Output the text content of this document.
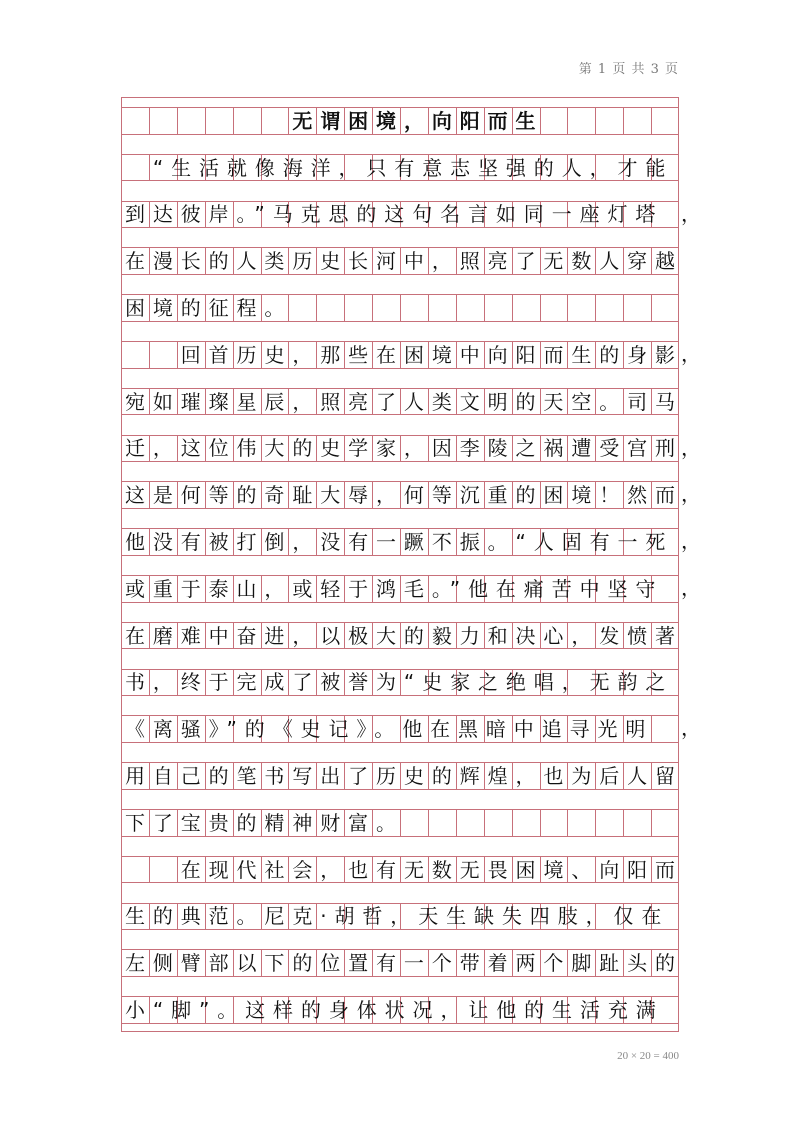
第 1 页 共 3 页
无谓困境，向阳而生
“生活就像海洋，只有意志坚强的人，才能
到达彼岸。”马克思的这句名言如同一座灯塔 ，
在漫长的人类历史长河中，照亮了无数人穿越
困境的征程。
回首历史，那些在困境中向阳而生的身影
，
宛如璀璨星辰，照亮了人类文明的天空。司马
迁，这位伟大的史学家，因李陵之祸遭受宫刑
，
这是何等的奇耻大辱，何等沉重的困境！然而
，
他没有被打倒，没有一蹶不振。“人固有一死 ，
或重于泰山，或轻于鸿毛。”他在痛苦中坚守 ，
在磨难中奋进，以极大的毅力和决心，发愤著
书，终于完成了被誉为“史家之绝唱，无韵之
《离骚》”的《史记》。他在黑暗中追寻光明 ，
用自己的笔书写出了历史的辉煌，也为后人留
下了宝贵的精神财富。
在现代社会，也有无数无畏困境、向阳而
生的典范。尼克·胡哲，天生缺失四肢，仅在
左侧臂部以下的位置有一个带着两个脚趾头的
小“脚”。这样的身体状况，让他的生活充满
20 × 20 = 400
